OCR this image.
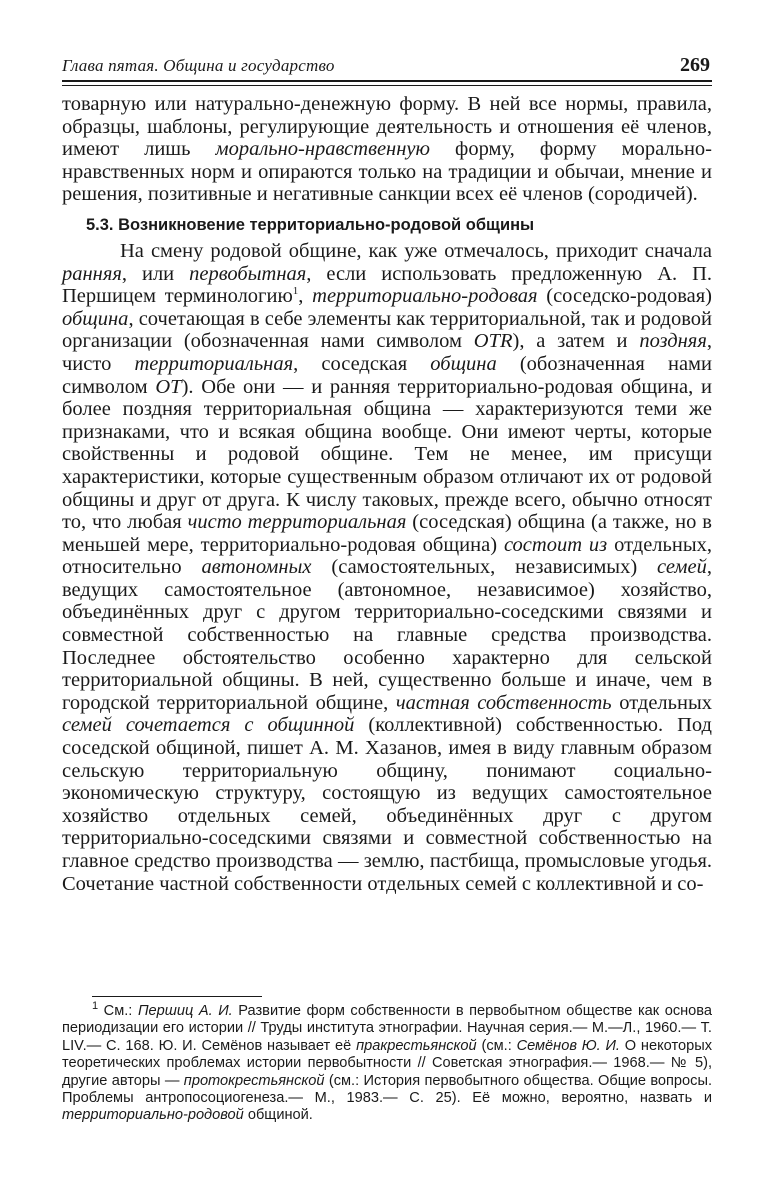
Глава пятая. Община и государство	269

товарную или натурально-денежную форму. В ней все нормы, правила, образцы, шаблоны, регулирующие деятельность и отношения её членов, имеют лишь морально-нравственную форму, форму морально-нравственных норм и опираются только на традиции и обычаи, мнение и решения, позитивные и негативные санкции всех её членов (сородичей).

5.3. Возникновение территориально-родовой общины

На смену родовой общине, как уже отмечалось, приходит сначала ранняя, или первобытная, если использовать предложенную А. П. Першицем терминологию$^1$, территориально-родовая (соседско-родовая) община, сочетающая в себе элементы как территориальной, так и родовой организации (обозначенная нами символом OTR), а затем и поздняя, чисто территориальная, соседская община (обозначенная нами символом OT). Обе они — и ранняя территориально-родовая община, и более поздняя территориальная община — характеризуются теми же признаками, что и всякая община вообще. Они имеют черты, которые свойственны и родовой общине. Тем не менее, им присущи характеристики, которые существенным образом отличают их от родовой общины и друг от друга. К числу таковых, прежде всего, обычно относят то, что любая чисто территориальная (соседская) община (а также, но в меньшей мере, территориально-родовая община) состоит из отдельных, относительно автономных (самостоятельных, независимых) семей, ведущих самостоятельное (автономное, независимое) хозяйство, объединённых друг с другом территориально-соседскими связями и совместной собственностью на главные средства производства. Последнее обстоятельство особенно характерно для сельской территориальной общины. В ней, существенно больше и иначе, чем в городской территориальной общине, частная собственность отдельных семей сочетается с общинной (коллективной) собственностью. Под соседской общиной, пишет А. М. Хазанов, имея в виду главным образом сельскую территориальную общину, понимают социально-экономическую структуру, состоящую из ведущих самостоятельное хозяйство отдельных семей, объединённых друг с другом территориально-соседскими связями и совместной собственностью на главное средство производства — землю, пастбища, промысловые угодья. Сочетание частной собственности отдельных семей с коллективной и со-

$^1$ См.: Першиц А. И. Развитие форм собственности в первобытном обществе как основа периодизации его истории // Труды института этнографии. Научная серия.— М.—Л., 1960.— Т. LIV.— С. 168. Ю. И. Семёнов называет её пракрестьянской (см.: Семёнов Ю. И. О некоторых теоретических проблемах истории первобытности // Советская этнография.— 1968.— № 5), другие авторы — протокрестьянской (см.: История первобытного общества. Общие вопросы. Проблемы антропосоциогенеза.— М., 1983.— С. 25). Её можно, вероятно, назвать и территориально-родовой общиной.
